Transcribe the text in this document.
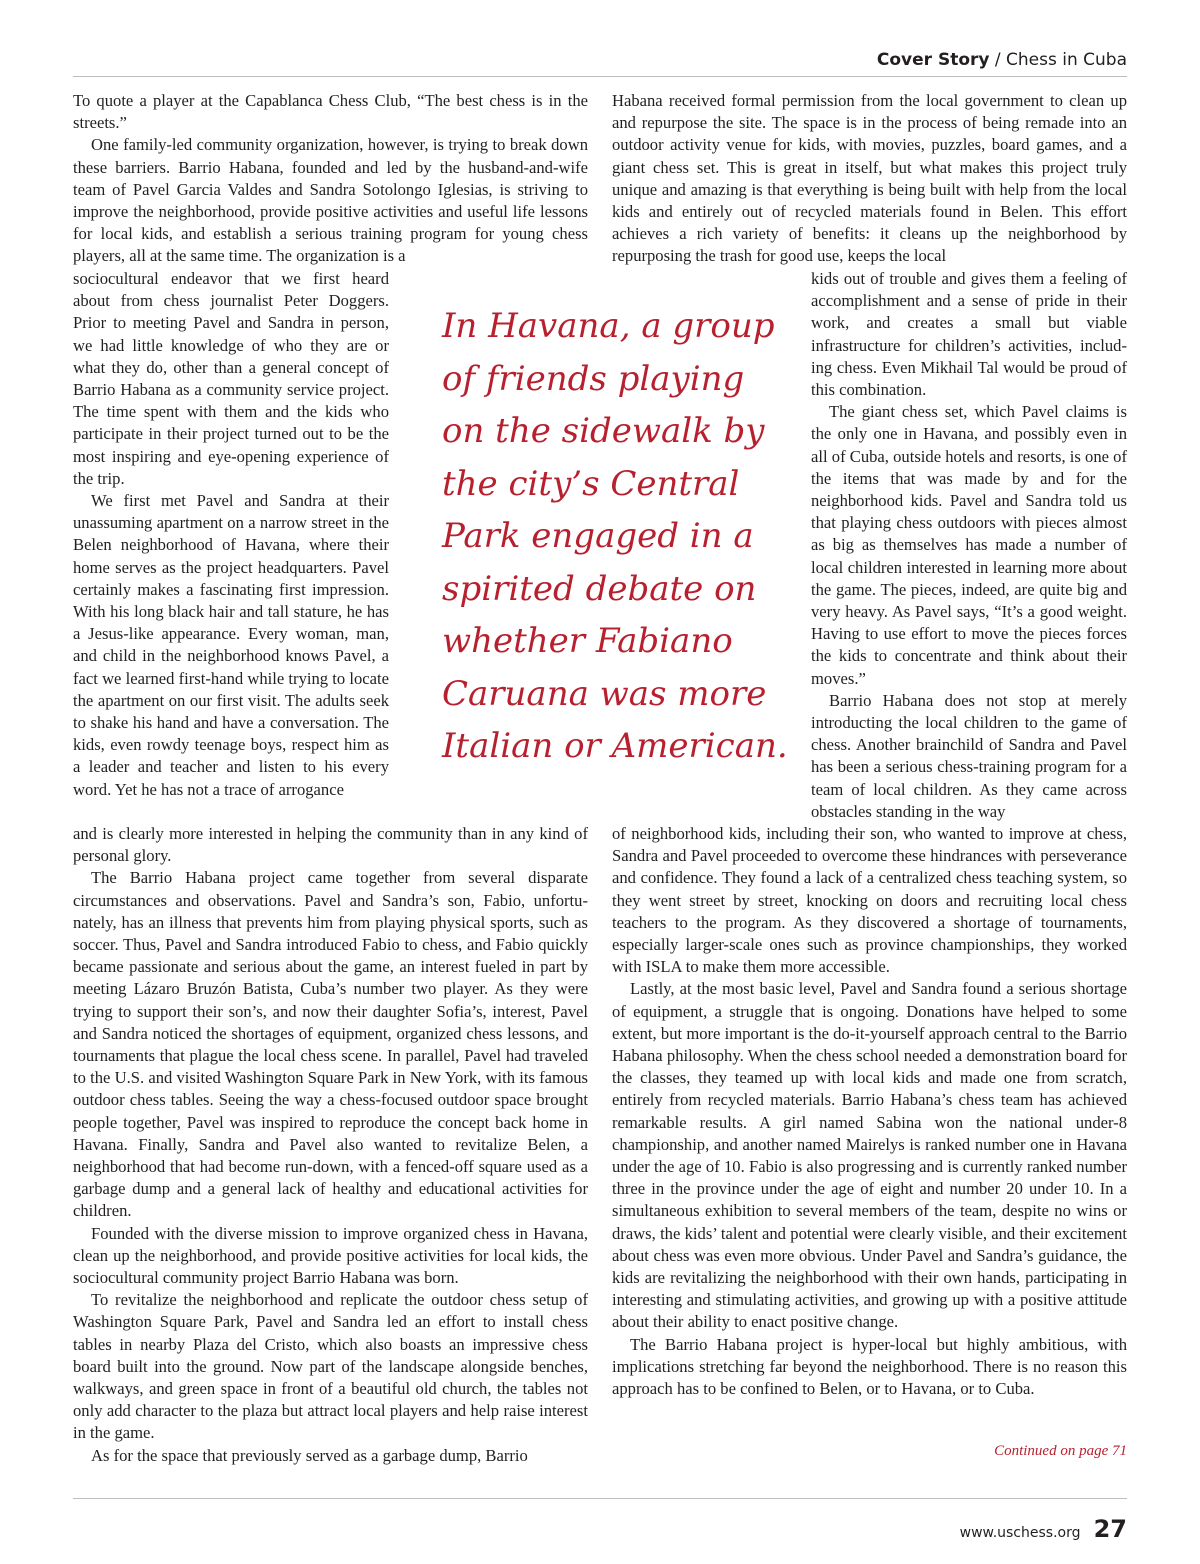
Cover Story / Chess in Cuba

To quote a player at the Capablanca Chess Club, “The best chess is in the streets.”

One family-led community organization, however, is trying to break down these barriers. Barrio Habana, founded and led by the husband-and-wife team of Pavel Garcia Valdes and Sandra Sotolongo Iglesias, is striving to improve the neighborhood, provide positive activities and useful life lessons for local kids, and establish a serious training program for young chess players, all at the same time. The organization is a

sociocultural endeavor that we first heard about from chess journalist Peter Doggers. Prior to meeting Pavel and Sandra in person, we had little knowledge of who they are or what they do, other than a general concept of Barrio Habana as a community service project. The time spent with them and the kids who participate in their project turned out to be the most inspiring and eye-opening experience of the trip.

We first met Pavel and Sandra at their unassuming apartment on a narrow street in the Belen neighborhood of Havana, where their home serves as the project headquarters. Pavel certainly makes a fascinating first impression. With his long black hair and tall stature, he has a Jesus-like appearance. Every woman, man, and child in the neighborhood knows Pavel, a fact we learned first-hand while trying to locate the apartment on our first visit. The adults seek to shake his hand and have a conversation. The kids, even rowdy teenage boys, respect him as a leader and teacher and listen to his every word. Yet he has not a trace of arrogance

In Havana, a group of friends playing on the sidewalk by the city’s Central Park engaged in a spirited debate on whether Fabiano Caruana was more Italian or American.

and is clearly more interested in helping the community than in any kind of personal glory.

The Barrio Habana project came together from several disparate circumstances and observations. Pavel and Sandra’s son, Fabio, unfortunately, has an illness that prevents him from playing physical sports, such as soccer. Thus, Pavel and Sandra introduced Fabio to chess, and Fabio quickly became passionate and serious about the game, an interest fueled in part by meeting Lázaro Bruzón Batista, Cuba’s number two player. As they were trying to support their son’s, and now their daughter Sofia’s, interest, Pavel and Sandra noticed the shortages of equipment, organized chess lessons, and tournaments that plague the local chess scene. In parallel, Pavel had traveled to the U.S. and visited Washington Square Park in New York, with its famous outdoor chess tables. Seeing the way a chess-focused outdoor space brought people together, Pavel was inspired to reproduce the concept back home in Havana. Finally, Sandra and Pavel also wanted to revitalize Belen, a neighborhood that had become run-down, with a fenced-off square used as a garbage dump and a general lack of healthy and educational activities for children.

Founded with the diverse mission to improve organized chess in Havana, clean up the neighborhood, and provide positive activities for local kids, the sociocultural community project Barrio Habana was born.

To revitalize the neighborhood and replicate the outdoor chess setup of Washington Square Park, Pavel and Sandra led an effort to install chess tables in nearby Plaza del Cristo, which also boasts an impressive chess board built into the ground. Now part of the landscape alongside benches, walkways, and green space in front of a beautiful old church, the tables not only add character to the plaza but attract local players and help raise interest in the game.

As for the space that previously served as a garbage dump, Barrio

Habana received formal permission from the local government to clean up and repurpose the site. The space is in the process of being remade into an outdoor activity venue for kids, with movies, puzzles, board games, and a giant chess set. This is great in itself, but what makes this project truly unique and amazing is that everything is being built with help from the local kids and entirely out of recycled materials found in Belen. This effort achieves a rich variety of benefits: it cleans up the neighborhood by repurposing the trash for good use, keeps the local

kids out of trouble and gives them a feeling of accomplishment and a sense of pride in their work, and creates a small but viable infrastructure for children’s activities, including chess. Even Mikhail Tal would be proud of this combination.

The giant chess set, which Pavel claims is the only one in Havana, and possibly even in all of Cuba, outside hotels and resorts, is one of the items that was made by and for the neighborhood kids. Pavel and Sandra told us that playing chess outdoors with pieces almost as big as themselves has made a number of local children interested in learning more about the game. The pieces, indeed, are quite big and very heavy. As Pavel says, “It’s a good weight. Having to use effort to move the pieces forces the kids to concentrate and think about their moves.”

Barrio Habana does not stop at merely introducting the local children to the game of chess. Another brainchild of Sandra and Pavel has been a serious chess-training program for a team of local children. As they came across obstacles standing in the way

of neighborhood kids, including their son, who wanted to improve at chess, Sandra and Pavel proceeded to overcome these hindrances with perseverance and confidence. They found a lack of a centralized chess teaching system, so they went street by street, knocking on doors and recruiting local chess teachers to the program. As they discovered a shortage of tournaments, especially larger-scale ones such as province championships, they worked with ISLA to make them more accessible.

Lastly, at the most basic level, Pavel and Sandra found a serious shortage of equipment, a struggle that is ongoing. Donations have helped to some extent, but more important is the do-it-yourself approach central to the Barrio Habana philosophy. When the chess school needed a demonstration board for the classes, they teamed up with local kids and made one from scratch, entirely from recycled materials. Barrio Habana’s chess team has achieved remarkable results. A girl named Sabina won the national under-8 championship, and another named Mairelys is ranked number one in Havana under the age of 10. Fabio is also progressing and is currently ranked number three in the province under the age of eight and number 20 under 10. In a simultaneous exhibition to several members of the team, despite no wins or draws, the kids’ talent and potential were clearly visible, and their excitement about chess was even more obvious. Under Pavel and Sandra’s guidance, the kids are revitalizing the neighborhood with their own hands, participating in interesting and stimulating activities, and growing up with a positive attitude about their ability to enact positive change.

The Barrio Habana project is hyper-local but highly ambitious, with implications stretching far beyond the neighborhood. There is no reason this approach has to be confined to Belen, or to Havana, or to Cuba.

Continued on page 71
www.uschess.org 27
